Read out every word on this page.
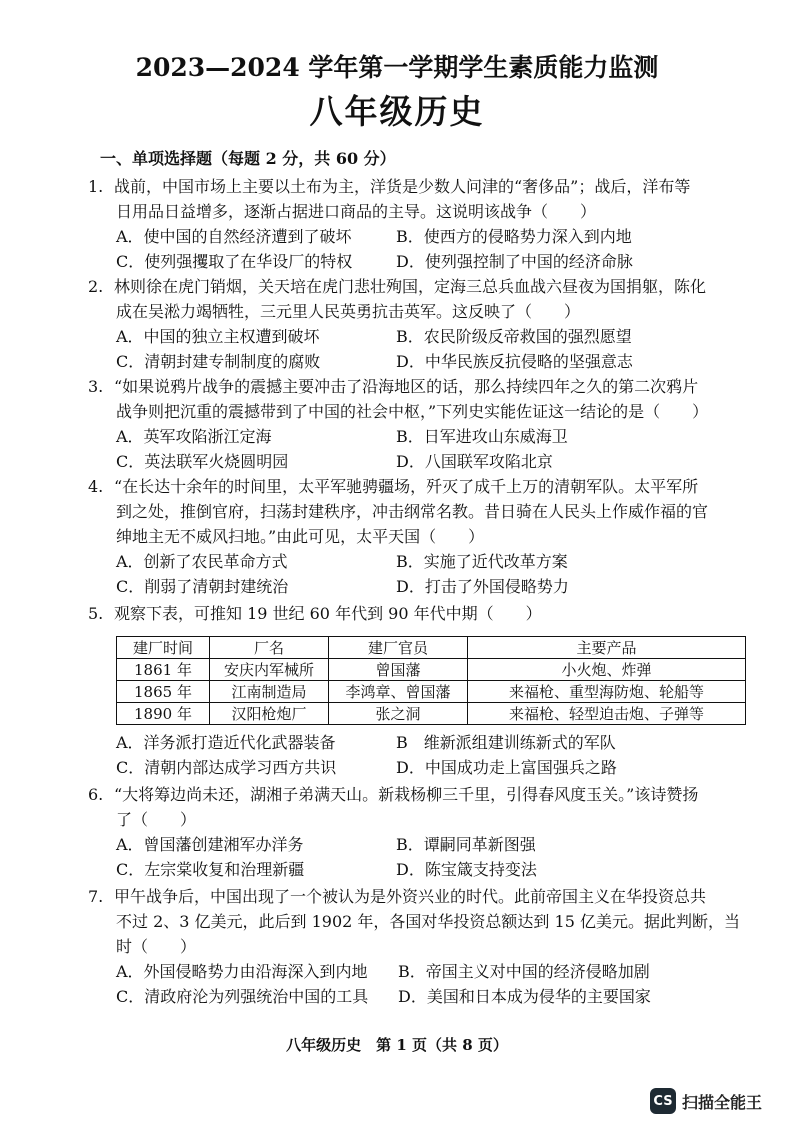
2023—2024 学年第一学期学生素质能力监测
八年级历史
一、单项选择题（每题 2 分，共 60 分）
1. 战前，中国市场上主要以土布为主，洋货是少数人问津的“奢侈品”；战后，洋布等
日用品日益增多，逐渐占据进口商品的主导。这说明该战争（　　）
A．使中国的自然经济遭到了破坏	B．使西方的侵略势力深入到内地
C．使列强攫取了在华设厂的特权	D．使列强控制了中国的经济命脉
2. 林则徐在虎门销烟，关天培在虎门悲壮殉国，定海三总兵血战六昼夜为国捐躯，陈化
成在吴淞力竭牺牲，三元里人民英勇抗击英军。这反映了（　　）
A．中国的独立主权遭到破坏	B．农民阶级反帝救国的强烈愿望
C．清朝封建专制制度的腐败	D．中华民族反抗侵略的坚强意志
3. “如果说鸦片战争的震撼主要冲击了沿海地区的话，那么持续四年之久的第二次鸦片
战争则把沉重的震撼带到了中国的社会中枢，”下列史实能佐证这一结论的是（　　）
A．英军攻陷浙江定海	B．日军进攻山东威海卫
C．英法联军火烧圆明园	D．八国联军攻陷北京
4. “在长达十余年的时间里，太平军驰骋疆场，歼灭了成千上万的清朝军队。太平军所
到之处，推倒官府，扫荡封建秩序，冲击纲常名教。昔日骑在人民头上作威作福的官
绅地主无不威风扫地。”由此可见，太平天国（　　）
A．创新了农民革命方式	B．实施了近代改革方案
C．削弱了清朝封建统治	D．打击了外国侵略势力
5. 观察下表，可推知 19 世纪 60 年代到 90 年代中期（　　）
建厂时间	厂名	建厂官员	主要产品
1861 年	安庆内军械所	曾国藩	小火炮、炸弹
1865 年	江南制造局	李鸿章、曾国藩	来福枪、重型海防炮、轮船等
1890 年	汉阳枪炮厂	张之洞	来福枪、轻型迫击炮、子弹等
A．洋务派打造近代化武器装备	B　维新派组建训练新式的军队
C．清朝内部达成学习西方共识	D．中国成功走上富国强兵之路
6. “大将筹边尚未还，湖湘子弟满天山。新栽杨柳三千里，引得春风度玉关。”该诗赞扬
了（　　）
A．曾国藩创建湘军办洋务	B．谭嗣同革新图强
C．左宗棠收复和治理新疆	D．陈宝箴支持变法
7. 甲午战争后，中国出现了一个被认为是外资兴业的时代。此前帝国主义在华投资总共
不过 2、3 亿美元，此后到 1902 年，各国对华投资总额达到 15 亿美元。据此判断，当
时（　　）
A．外国侵略势力由沿海深入到内地	B．帝国主义对中国的经济侵略加剧
C．清政府沦为列强统治中国的工具	D．美国和日本成为侵华的主要国家
八年级历史　第 1 页（共 8 页）
CS 扫描全能王
